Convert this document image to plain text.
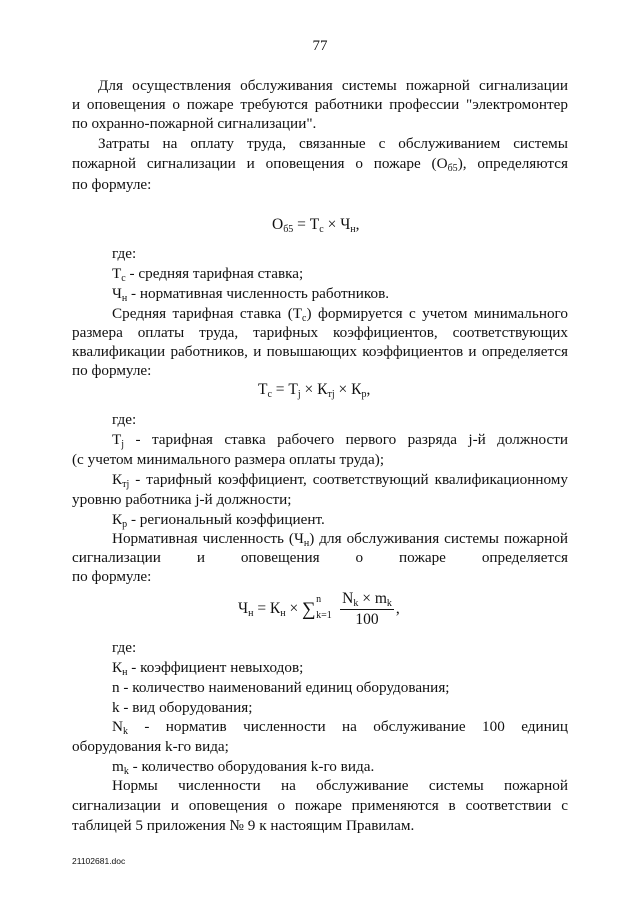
77
Для осуществления обслуживания системы пожарной сигнализации
и оповещения о пожаре требуются работники профессии "электромонтер
по охранно-пожарной сигнализации".
Затраты на оплату труда, связанные с обслуживанием системы
пожарной сигнализации и оповещения о пожаре $(О_{б5})$, определяются
по формуле:
$О_{б5} = Т_с \times Ч_н$,
где:
$Т_с$ - средняя тарифная ставка;
$Ч_н$ - нормативная численность работников.
Средняя тарифная ставка $(Т_с)$ формируется с учетом минимального
размера оплаты труда, тарифных коэффициентов, соответствующих
квалификации работников, и повышающих коэффициентов и определяется
по формуле:
$Т_с = Т_j \times К_{тj} \times К_р$,
где:
$Т_j$ - тарифная ставка рабочего первого разряда j-й должности
(с учетом минимального размера оплаты труда);
$К_{тj}$ - тарифный коэффициент, соответствующий квалификационному
уровню работника j-й должности;
$К_р$ - региональный коэффициент.
Нормативная численность $(Ч_н)$ для обслуживания системы пожарной
сигнализации и оповещения о пожаре определяется
по формуле:
$Ч_н = К_н$ × ∑ n
$k=1 \frac{N_k \times m_k}{100}$ ,
где:
$К_н$ - коэффициент невыходов;
n - количество наименований единиц оборудования;
k - вид оборудования;
$N_k$ - норматив численности на обслуживание 100 единиц
оборудования k-го вида;
$m_k$ - количество оборудования k-го вида.
Нормы численности на обслуживание системы пожарной
сигнализации и оповещения о пожаре применяются в соответствии с
таблицей 5 приложения № 9 к настоящим Правилам.
21102681.doc
